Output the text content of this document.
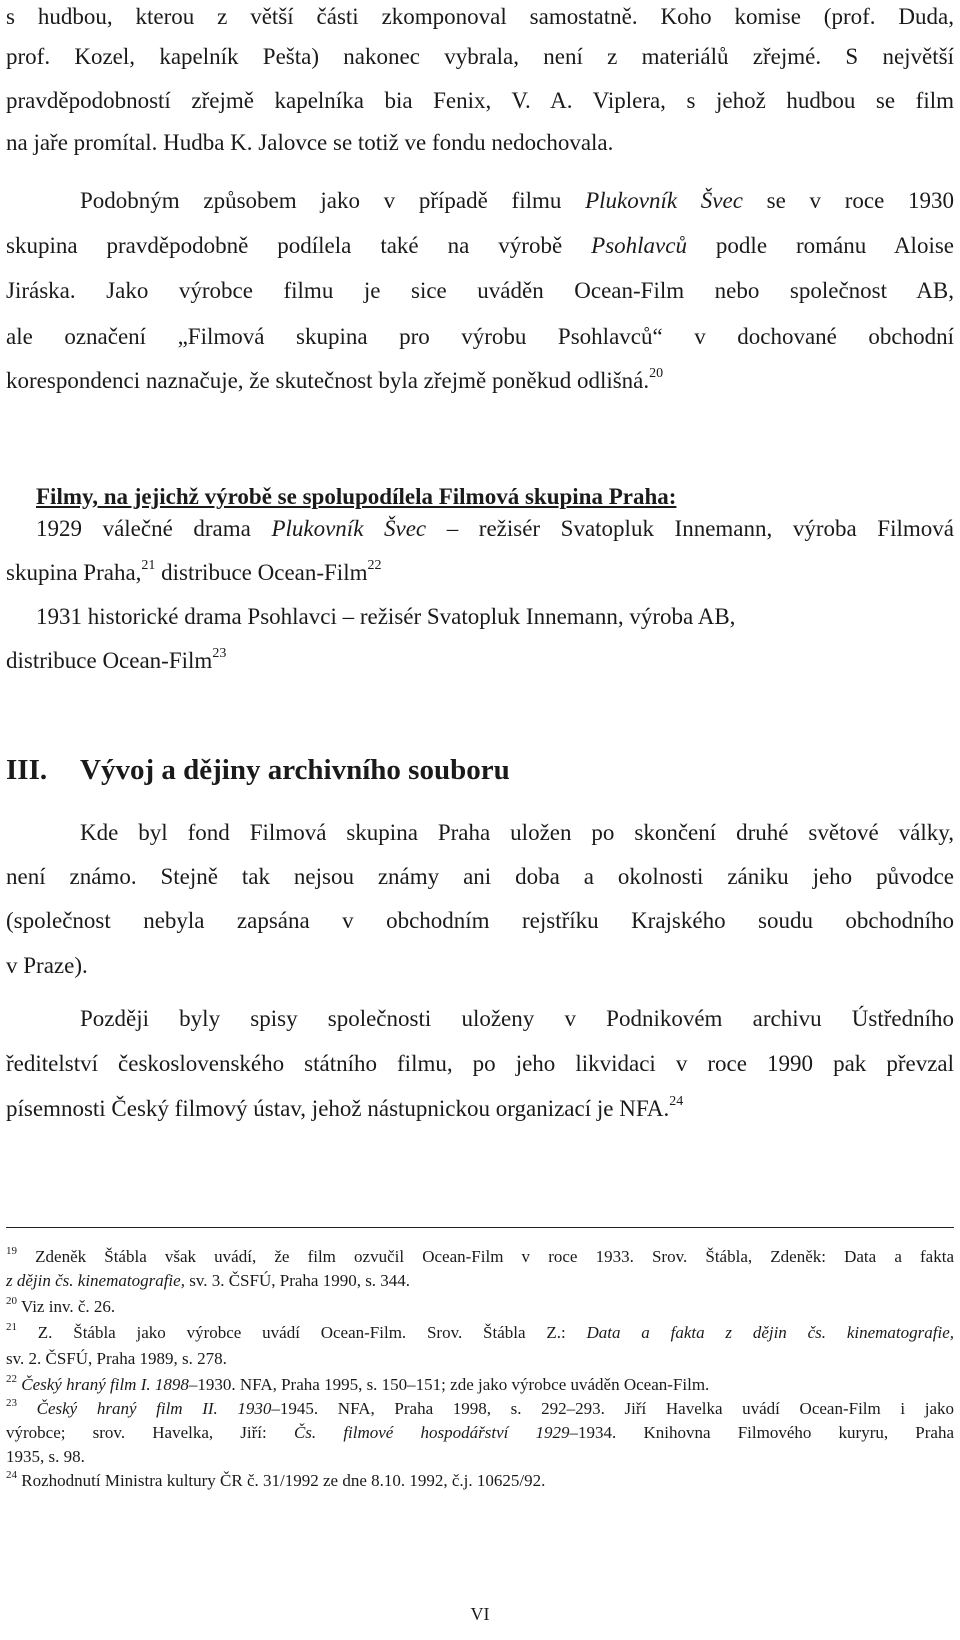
s hudbou, kterou z větší části zkomponoval samostatně. Koho komise (prof. Duda,
prof. Kozel, kapelník Pešta) nakonec vybrala, není z materiálů zřejmé. S největší
pravděpodobností zřejmě kapelníka bia Fenix, V. A. Viplera, s jehož hudbou se film
na jaře promítal. Hudba K. Jalovce se totiž ve fondu nedochovala.
Podobným způsobem jako v případě filmu Plukovník Švec se v roce 1930
skupina pravděpodobně podílela také na výrobě Psohlavců podle románu Aloise
Jiráska. Jako výrobce filmu je sice uváděn Ocean-Film nebo společnost AB,
ale označení „Filmová skupina pro výrobu Psohlavců“ v dochované obchodní
korespondenci naznačuje, že skutečnost byla zřejmě poněkud odlišná.$^{20}$
Filmy, na jejichž výrobě se spolupodílela Filmová skupina Praha:
1929 válečné drama Plukovník Švec – režisér Svatopluk Innemann, výroba Filmová
skupina Praha,$^{21}$ distribuce Ocean-Film$^{22}$
1931 historické drama Psohlavci – režisér Svatopluk Innemann, výroba AB,
distribuce Ocean-Film$^{23}$
III. Vývoj a dějiny archivního souboru
Kde byl fond Filmová skupina Praha uložen po skončení druhé světové války,
není známo. Stejně tak nejsou známy ani doba a okolnosti zániku jeho původce
(společnost nebyla zapsána v obchodním rejstříku Krajského soudu obchodního
v Praze).
Později byly spisy společnosti uloženy v Podnikovém archivu Ústředního
ředitelství československého státního filmu, po jeho likvidaci v roce 1990 pak převzal
písemnosti Český filmový ústav, jehož nástupnickou organizací je NFA.$^{24}$
$^{19}$ Zdeněk Štábla však uvádí, že film ozvučil Ocean-Film v roce 1933. Srov. Štábla, Zdeněk: Data a fakta
z dějin čs. kinematografie, sv. 3. ČSFÚ, Praha 1990, s. 344.
$^{20}$ Viz inv. č. 26.
$^{21}$ Z. Štábla jako výrobce uvádí Ocean-Film. Srov. Štábla Z.: Data a fakta z dějin čs. kinematografie,
sv. 2. ČSFÚ, Praha 1989, s. 278.
$^{22}$ Český hraný film I. 1898–1930. NFA, Praha 1995, s. 150–151; zde jako výrobce uváděn Ocean-Film.
$^{23}$ Český hraný film II. 1930–1945. NFA, Praha 1998, s. 292–293. Jiří Havelka uvádí Ocean-Film i jako
výrobce; srov. Havelka, Jiří: Čs. filmové hospodářství 1929–1934. Knihovna Filmového kuryru, Praha
1935, s. 98.
$^{24}$ Rozhodnutí Ministra kultury ČR č. 31/1992 ze dne 8.10. 1992, č.j. 10625/92.
VI
